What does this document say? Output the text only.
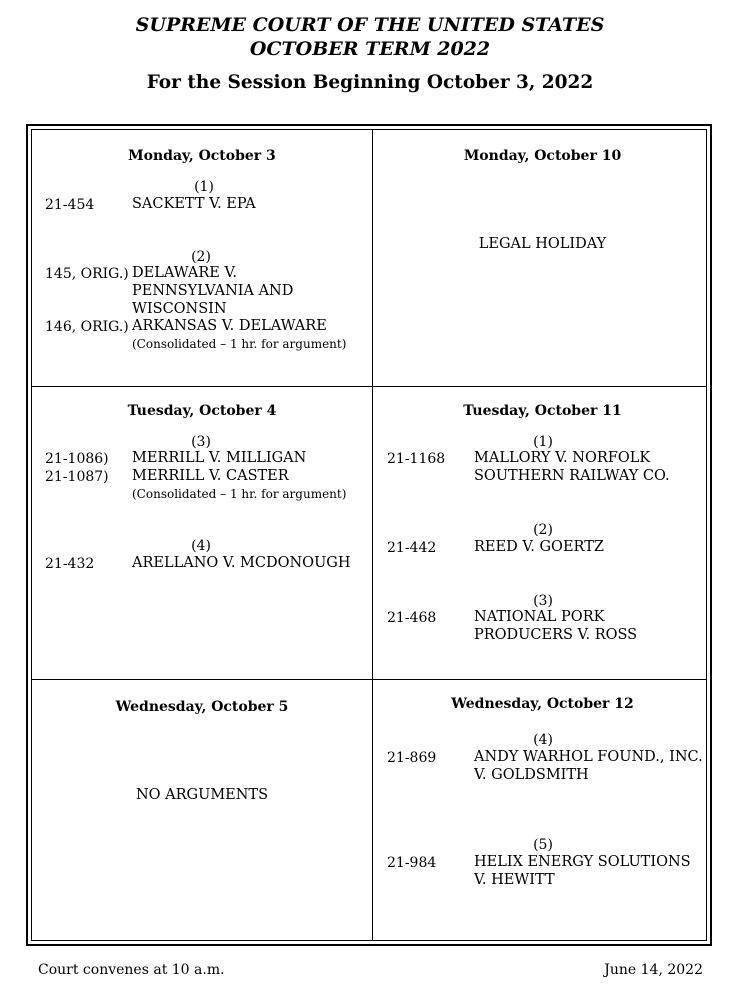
SUPREME COURT OF THE UNITED STATES
OCTOBER TERM 2022
For the Session Beginning October 3, 2022
Monday, October 3
(1)
21-454	SACKETT V. EPA
(2)
145, ORIG.) DELAWARE V.
PENNSYLVANIA AND
WISCONSIN
146, ORIG.) ARKANSAS V. DELAWARE
(Consolidated – 1 hr. for argument)
Monday, October 10
LEGAL HOLIDAY
Tuesday, October 4
(3)
21-1086) MERRILL V. MILLIGAN
21-1087) MERRILL V. CASTER
(Consolidated – 1 hr. for argument)
(4)
21-432	ARELLANO V. MCDONOUGH
Tuesday, October 11
(1)
21-1168 MALLORY V. NORFOLK
SOUTHERN RAILWAY CO.
(2)
21-442	REED V. GOERTZ
(3)
21-468	NATIONAL PORK
PRODUCERS V. ROSS
Wednesday, October 5
NO ARGUMENTS
Wednesday, October 12
(4)
21-869	ANDY WARHOL FOUND., INC.
V. GOLDSMITH
(5)
21-984	HELIX ENERGY SOLUTIONS
V. HEWITT
Court convenes at 10 a.m.	June 14, 2022
